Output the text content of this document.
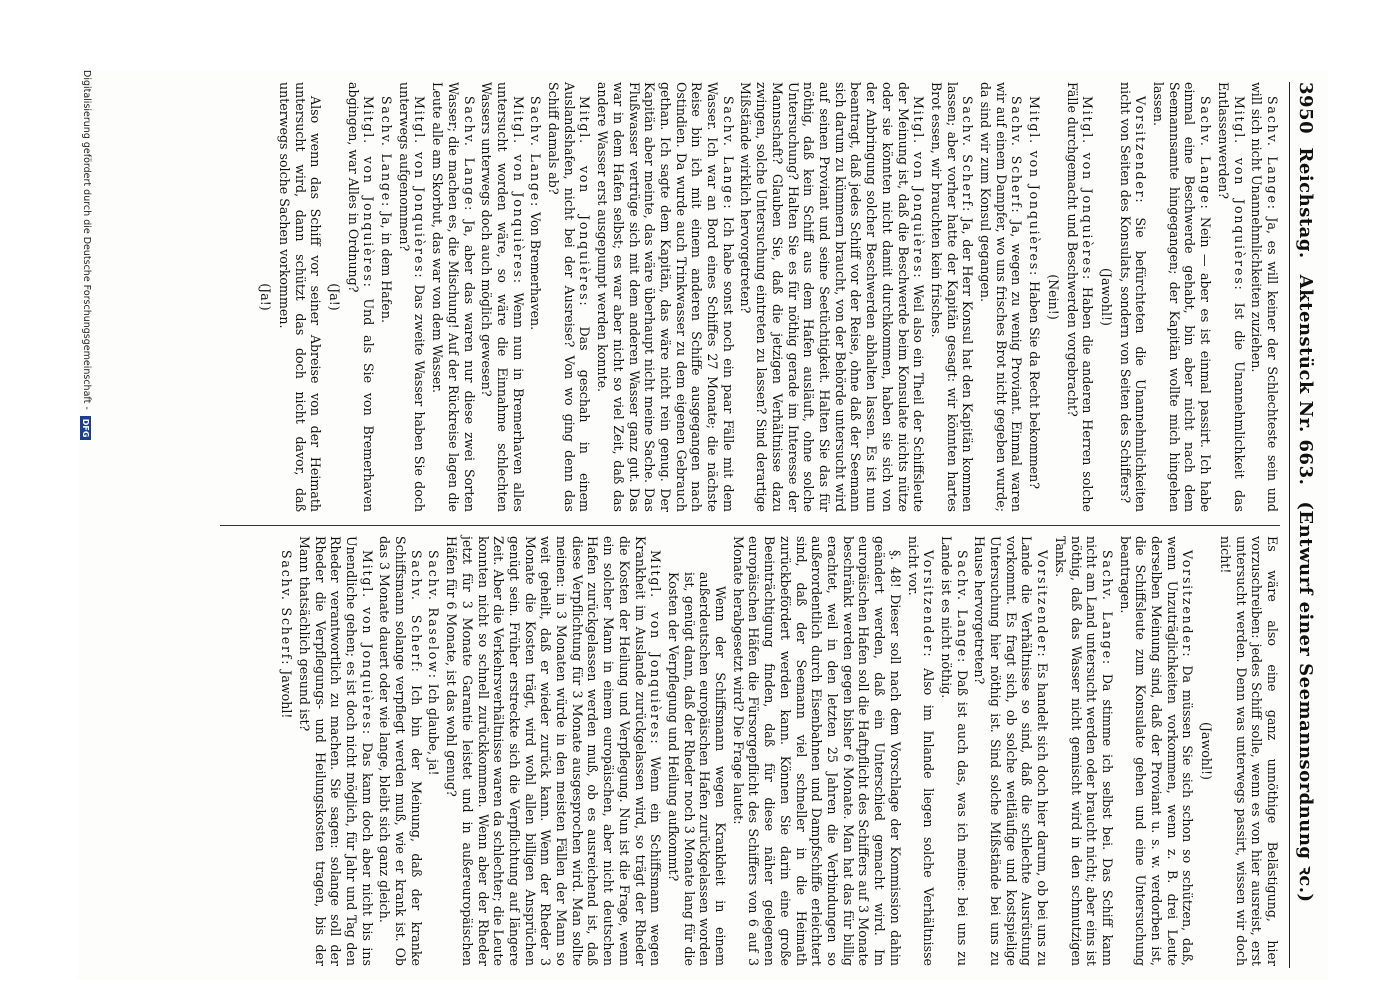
3950
Reichstag.Aktenstück Nr. 663.(Entwurf einer Seemannsordnung ꝛc.)

Sachv. Lange: Ja, es will keiner der Schlechteste sein und will sich nicht Unannehmlichkeiten zuziehen.

Mitgl. von Jonquières: Ist die Unannehmlichkeit das Entlassenwerden?

Sachv. Lange: Nein — aber es ist einmal passirt. Ich habe einmal eine Beschwerde gehabt, bin aber nicht nach dem Seemannsamte hingegangen; der Kapitän wollte mich hingehen lassen.

Vorsitzender: Sie befürchteten die Unannehmlichkeiten nicht von Seiten des Konsulats, sondern von Seiten des Schiffers?

(Jawohl!)

Mitgl. von Jonquières: Haben die anderen Herren solche Fälle durchgemacht und Beschwerden vorgebracht?

(Nein!)

Mitgl. von Jonquières: Haben Sie da Recht bekommen?

Sachv. Scherf: Ja, wegen zu wenig Proviant. Einmal waren wir auf einem Dampfer, wo uns frisches Brot nicht gegeben wurde; da sind wir zum Konsul gegangen.

Sachv. Scherf: Ja, der Herr Konsul hat den Kapitän kommen lassen; aber vorher hatte der Kapitän gesagt: wir könnten hartes Brot essen, wir brauchten kein frisches.

Mitgl. von Jonquières: Weil also ein Theil der Schiffsleute der Meinung ist, daß die Beschwerde beim Konsulate nichts nütze oder sie könnten nicht damit durchkommen, haben sie sich von der Anbringung solcher Beschwerden abhalten lassen. Es ist nun beantragt, daß jedes Schiff vor der Reise, ohne daß der Seemann sich darum zu kümmern braucht, von der Behörde untersucht wird auf seinen Proviant und seine Seetüchtigkeit. Halten Sie das für nöthig, daß kein Schiff aus dem Hafen ausläuft, ohne solche Untersuchung? Halten Sie es für nöthig gerade im Interesse der Mannschaft? Glauben Sie, daß die jetzigen Verhältnisse dazu zwingen, solche Untersuchung eintreten zu lassen? Sind derartige Mißstände wirklich hervorgetreten?

Sachv. Lange: Ich habe sonst noch ein paar Fälle mit dem Wasser. Ich war an Bord eines Schiffes 27 Monate; die nächste Reise bin ich mit einem anderen Schiffe ausgegangen nach Ostindien. Da wurde auch Trinkwasser zu dem eigenen Gebrauch gethan. Ich sagte dem Kapitän, das wäre nicht rein genug. Der Kapitän aber meinte, das wäre überhaupt nicht meine Sache. Das Flußwasser vertrüge sich mit dem anderen Wasser ganz gut. Das war in dem Hafen selbst; es war aber nicht so viel Zeit, daß das andere Wasser erst ausgepumpt werden konnte.

Mitgl. von Jonquières: Das geschah in einem Auslandshafen, nicht bei der Ausreise? Von wo ging denn das Schiff damals ab?

Sachv. Lange: Von Bremerhaven.

Mitgl. von Jonquières: Wenn nun in Bremerhaven alles untersucht worden wäre, so wäre die Einnahme schlechten Wassers unterwegs doch auch möglich gewesen?

Sachv. Lange: Ja, aber das waren nur diese zwei Sorten Wasser; die machen es, die Mischung! Auf der Rückreise lagen die Leute alle am Skorbut, das war von dem Wasser.

Mitgl. von Jonquières: Das zweite Wasser haben Sie doch unterwegs aufgenommen?

Sachv. Lange: Ja, in dem Hafen.

Mitgl. von Jonquières: Und als Sie von Bremerhaven abgingen, war Alles in Ordnung?

(Ja!)

Also wenn das Schiff vor seiner Abreise von der Heimath untersucht wird, dann schützt das doch nicht davor, daß unterwegs solche Sachen vorkommen.

(Ja!)

Es wäre also eine ganz unnöthige Belästigung, hier vorzuschreiben: jedes Schiff solle, wenn es von hier ausreist, erst untersucht werden. Denn was unterwegs passirt, wissen wir doch nicht!

(Jawohl!)

Vorsitzender: Da müssen Sie sich schon so schützen, daß, wenn Unzuträglichkeiten vorkommen, wenn z. B. drei Leute derselben Meinung sind, daß der Proviant u. s. w. verdorben ist, die Schiffsleute zum Konsulate gehen und eine Untersuchung beantragen.

Sachv. Lange: Da stimme ich selbst bei. Das Schiff kann nicht am Land untersucht werden oder braucht nicht; aber eins ist nöthig, daß das Wasser nicht gemischt wird in den schmutzigen Tanks.

Vorsitzender: Es handelt sich doch hier darum, ob bei uns zu Lande die Verhältnisse so sind, daß die schlechte Ausrüstung vorkommt. Es fragt sich, ob solche weitläufige und kostspielige Untersuchung hier nöthig ist. Sind solche Mißstände bei uns zu Hause hervorgetreten?

Sachv. Lange: Daß ist auch das, was ich meine: bei uns zu Lande ist es nicht nöthig.

Vorsitzender: Also im Inlande liegen solche Verhältnisse nicht vor.

§. 48! Dieser soll nach dem Vorschlage der Kommission dahin geändert werden, daß ein Unterschied gemacht wird. Im europäischen Hafen soll die Haftpflicht des Schiffers auf 3 Monate beschränkt werden gegen bisher 6 Monate. Man hat das für billig erachtet, weil in den letzten 25 Jahren die Verbindungen so außerordentlich durch Eisenbahnen und Dampfschiffe erleichtert sind, daß der Seemann viel schneller in die Heimath zurückbefördert werden kann. Können Sie darin eine große Beeinträchtigung finden, daß für diese näher gelegenen europäischen Häfen die Fürsorgepflicht des Schiffers von 6 auf 3 Monate herabgesetzt wird? Die Frage lautet:

Wenn der Schiffsmann wegen Krankheit in einem außerdeutschen europäischen Hafen zurückgelassen worden ist, genügt dann, daß der Rheder noch 3 Monate lang für die Kosten der Verpflegung und Heilung aufkommt?

Mitgl. von Jonquières: Wenn ein Schiffsmann wegen Krankheit im Auslande zurückgelassen wird, so trägt der Rheder die Kosten der Heilung und Verpflegung. Nun ist die Frage, wenn ein solcher Mann in einem europäischen, aber nicht deutschen Hafen zurückgelassen werden muß, ob es ausreichend ist, daß diese Verpflichtung für 3 Monate ausgesprochen wird. Man sollte meinen: in 3 Monaten würde in den meisten Fällen der Mann so weit geheilt, daß er wieder zurück kann. Wenn der Rheder 3 Monate die Kosten trägt, wird wohl allen billigen Ansprüchen genügt sein. Früher erstreckte sich die Verpflichtung auf längere Zeit. Aber die Verkehrsverhältnisse waren da schlechter; die Leute konnten nicht so schnell zurückkommen. Wenn aber der Rheder jetzt für 3 Monate Garantie leistet und in außereuropäischen Häfen für 6 Monate, ist das wohl genug?

Sachv. Raselow: Ich glaube, ja!

Sachv. Scherf: Ich bin der Meinung, daß der kranke Schiffsmann solange verpflegt werden muß, wie er krank ist. Ob das 3 Monate dauert oder wie lange, bleibt sich ganz gleich.

Mitgl. von Jonquières: Das kann doch aber nicht bis ins Unendliche gehen; es ist doch nicht möglich, für Jahr und Tag den Rheder verantwortlich zu machen. Sie sagen: solange soll der Rheder die Verpflegungs- und Heilungskosten tragen, bis der Mann thatsächlich gesund ist?

Sachv. Scherf: Jawohl!

Digitalisierung gefördert durch die Deutsche Forschungsgemeinschaft -
DFG
